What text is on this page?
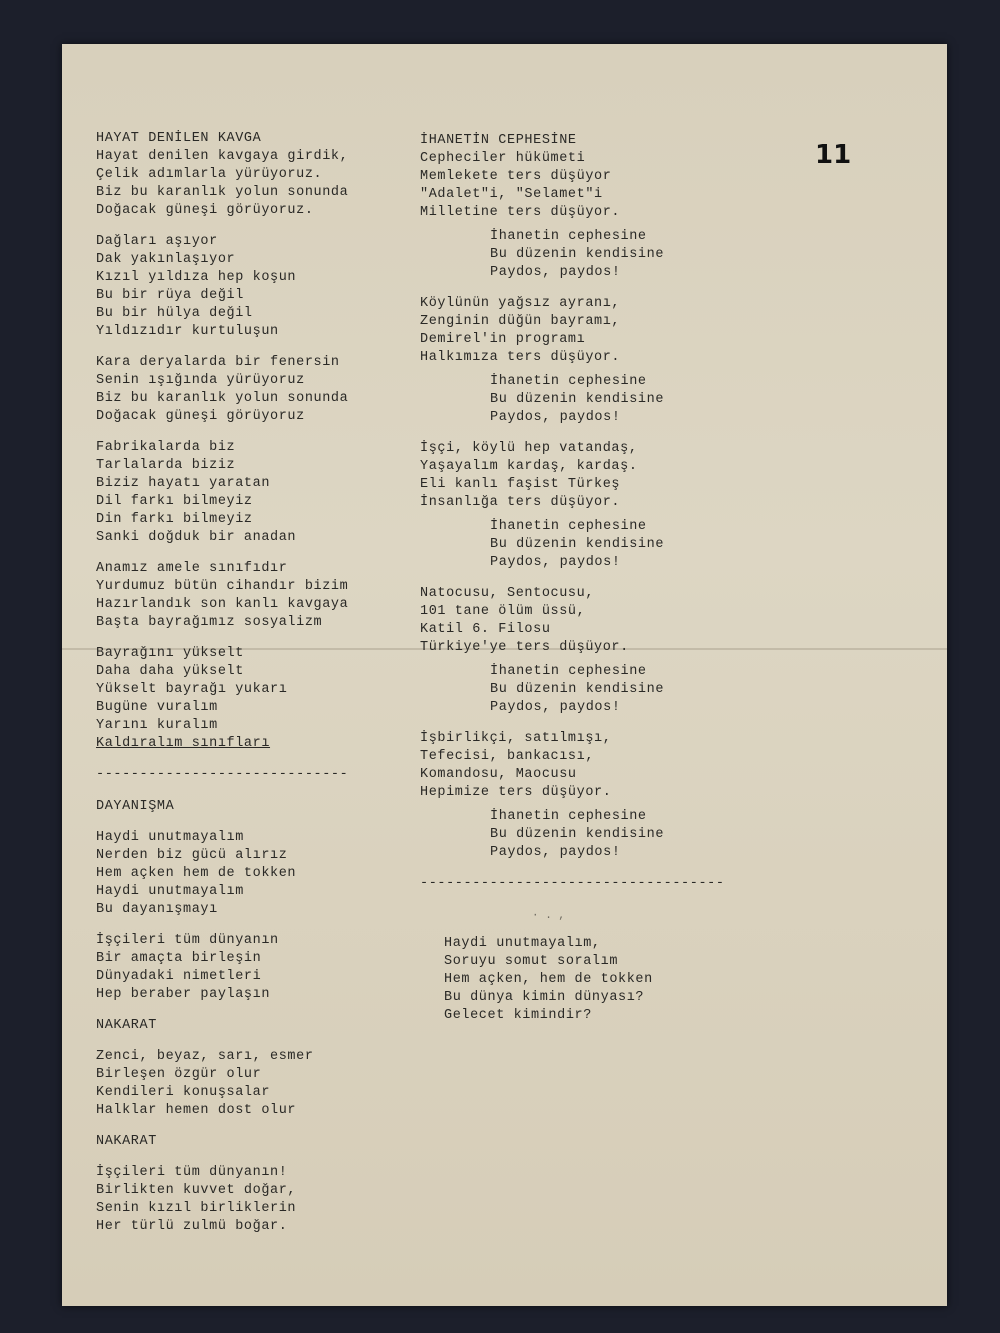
11
HAYAT DENİLEN KAVGA
Hayat denilen kavgaya girdik,
Çelik adımlarla yürüyoruz.
Biz bu karanlık yolun sonunda
Doğacak güneşi görüyoruz.
Dağları aşıyor
Dak yakınlaşıyor
Kızıl yıldıza hep koşun
Bu bir rüya değil
Bu bir hülya değil
Yıldızıdır kurtuluşun
Kara deryalarda bir fenersin
Senin ışığında yürüyoruz
Biz bu karanlık yolun sonunda
Doğacak güneşi görüyoruz
Fabrikalarda biz
Tarlalarda biziz
Biziz hayatı yaratan
Dil farkı bilmeyiz
Din farkı bilmeyiz
Sanki doğduk bir anadan
Anamız amele sınıfıdır
Yurdumuz bütün cihandır bizim
Hazırlandık son kanlı kavgaya
Başta bayrağımız sosyalizm
Bayrağını yükselt
Daha daha yükselt
Yükselt bayrağı yukarı
Bugüne vuralım
Yarını kuralım
Kaldıralım sınıfları
-----------------------------
DAYANIŞMA
Haydi unutmayalım
Nerden biz gücü alırız
Hem açken hem de tokken
Haydi unutmayalım
Bu dayanışmayı
İşçileri tüm dünyanın
Bir amaçta birleşin
Dünyadaki nimetleri
Hep beraber paylaşın
NAKARAT
Zenci, beyaz, sarı, esmer
Birleşen özgür olur
Kendileri konuşsalar
Halklar hemen dost olur
NAKARAT
İşçileri tüm dünyanın!
Birlikten kuvvet doğar,
Senin kızıl birliklerin
Her türlü zulmü boğar.
İHANETİN CEPHESİNE
Cepheciler hükümeti
Memlekete ters düşüyor
"Adalet"i, "Selamet"i
Milletine ters düşüyor.
İhanetin cephesine
Bu düzenin kendisine
Paydos, paydos!
Köylünün yağsız ayranı,
Zenginin düğün bayramı,
Demirel'in programı
Halkımıza ters düşüyor.
İhanetin cephesine
Bu düzenin kendisine
Paydos, paydos!
İşçi, köylü hep vatandaş,
Yaşayalım kardaş, kardaş.
Eli kanlı faşist Türkeş
İnsanlığa ters düşüyor.
İhanetin cephesine
Bu düzenin kendisine
Paydos, paydos!
Natocusu, Sentocusu,
101 tane ölüm üssü,
Katil 6. Filosu
Türkiye'ye ters düşüyor.
İhanetin cephesine
Bu düzenin kendisine
Paydos, paydos!
İşbirlikçi, satılmışı,
Tefecisi, bankacısı,
Komandosu, Maocusu
Hepimize ters düşüyor.
İhanetin cephesine
Bu düzenin kendisine
Paydos, paydos!
-----------------------------------
· . ,
Haydi unutmayalım,
Soruyu somut soralım
Hem açken, hem de tokken
Bu dünya kimin dünyası?
Gelecet kimindir?
